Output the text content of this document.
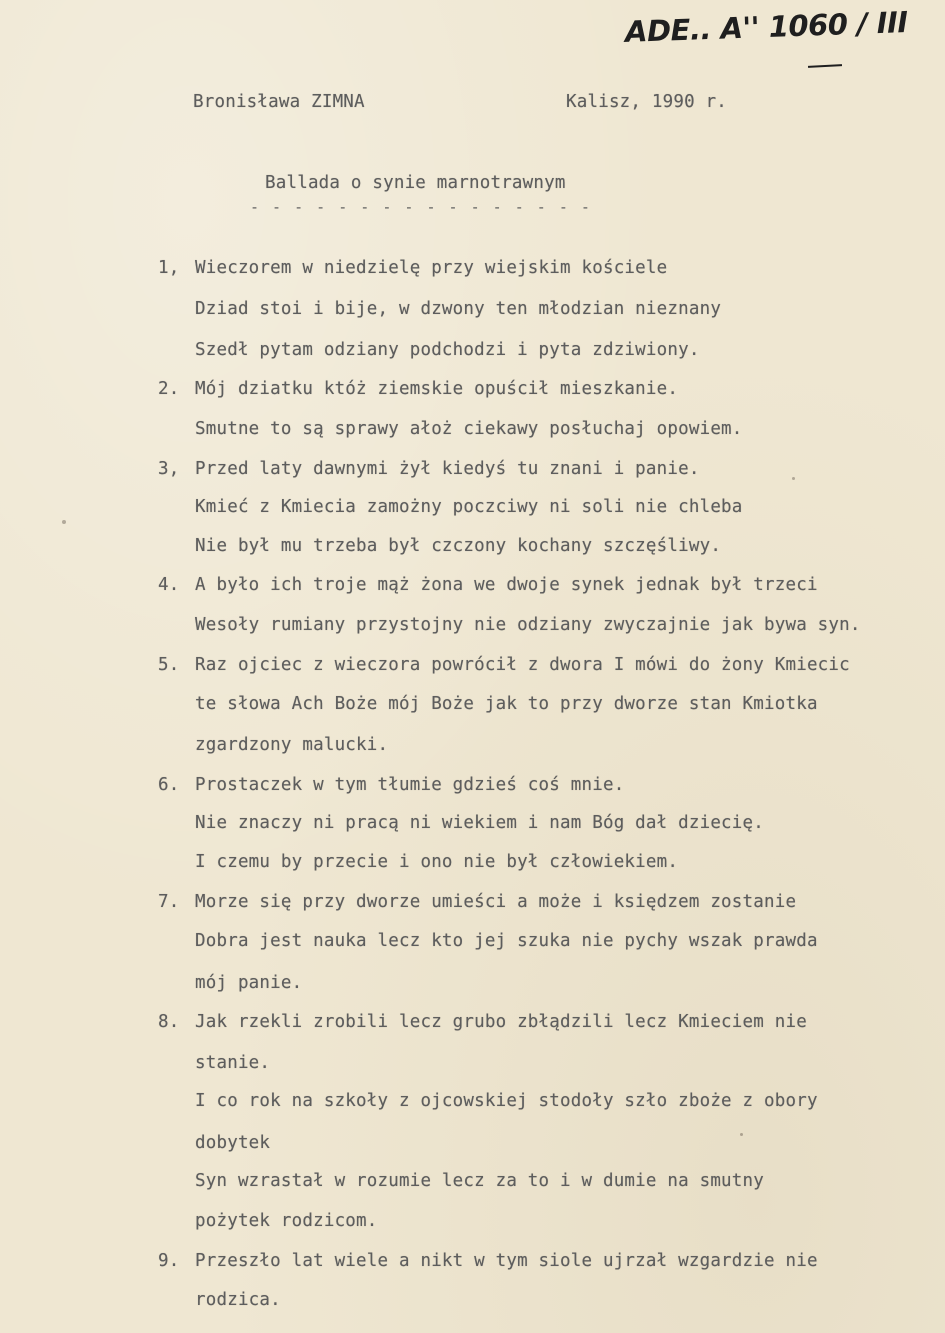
ADE.. A'' 1060 / III
Bronisława ZIMNA	Kalisz, 1990 r.
Ballada o synie marnotrawnym
- - - - - - - - - - - - - - - -
1, Wieczorem w niedzielę przy wiejskim kościele
Dziad stoi i bije, w dzwony ten młodzian nieznany
Szedł pytam odziany podchodzi i pyta zdziwiony.
2. Mój dziatku któż ziemskie opuścił mieszkanie.
Smutne to są sprawy ałoż ciekawy posłuchaj opowiem.
3, Przed laty dawnymi żył kiedyś tu znani i panie.
Kmieć z Kmiecia zamożny poczciwy ni soli nie chleba
Nie był mu trzeba był czczony kochany szczęśliwy.
4. A było ich troje mąż żona we dwoje synek jednak był trzeci
Wesoły rumiany przystojny nie odziany zwyczajnie jak bywa syn.
5. Raz ojciec z wieczora powrócił z dwora I mówi do żony Kmiecic
te słowa Ach Boże mój Boże jak to przy dworze stan Kmiotka
zgardzony malucki.
6. Prostaczek w tym tłumie gdzieś coś mnie.
Nie znaczy ni pracą ni wiekiem i nam Bóg dał dziecię.
I czemu by przecie i ono nie był człowiekiem.
7. Morze się przy dworze umieści a może i księdzem zostanie
Dobra jest nauka lecz kto jej szuka nie pychy wszak prawda
mój panie.
8. Jak rzekli zrobili lecz grubo zbłądzili lecz Kmieciem nie
stanie.
I co rok na szkoły z ojcowskiej stodoły szło zboże z obory
dobytek
Syn wzrastał w rozumie lecz za to i w dumie na smutny
pożytek rodzicom.
9. Przeszło lat wiele a nikt w tym siole ujrzał wzgardzie nie
rodzica.
